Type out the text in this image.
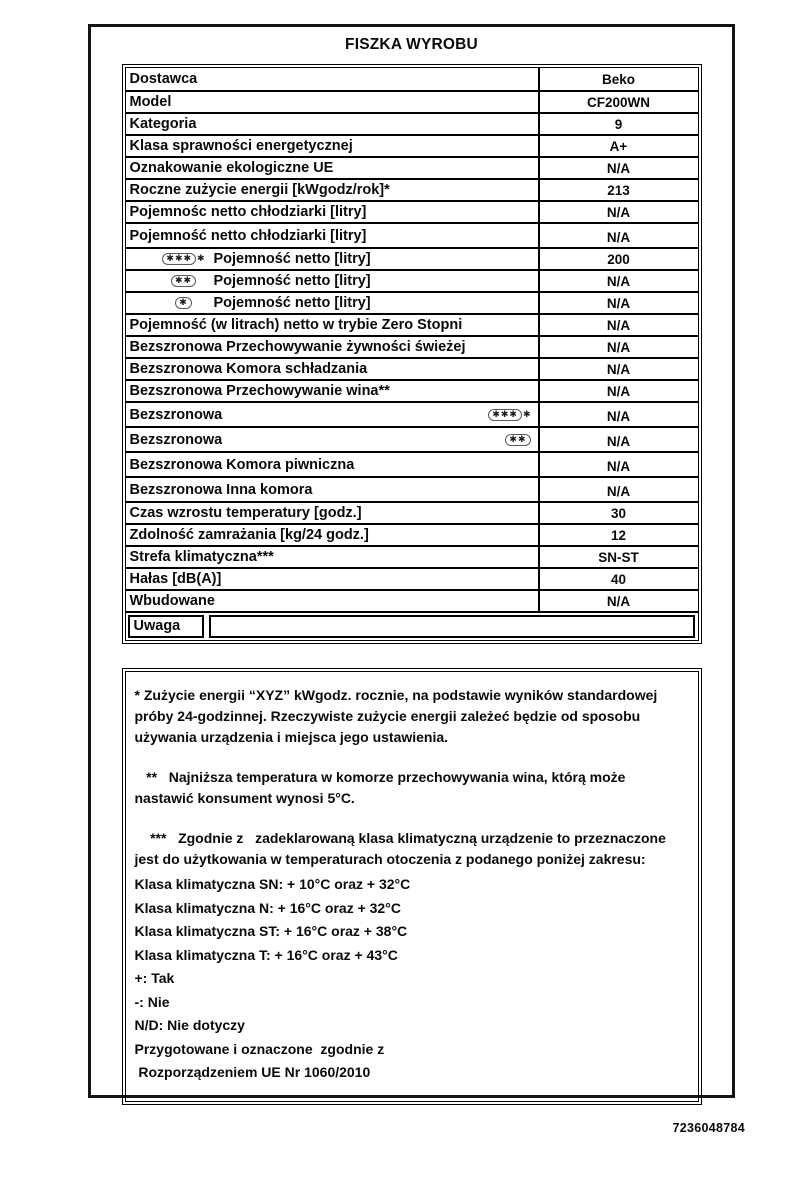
FISZKA WYROBU
Dostawca	Beko
Model	CF200WN
Kategoria	9
Klasa sprawności energetycznej	A+
Oznakowanie ekologiczne UE	N/A
Roczne zużycie energii [kWgodz/rok]*	213
Pojemnośc netto chłodziarki [litry]	N/A
Pojemność netto chłodziarki [litry]	N/A
✱✱✱ ✱ Pojemność netto [litry]	200
✱✱ Pojemność netto [litry]	N/A
✱ Pojemność netto [litry]	N/A
Pojemność (w litrach) netto w trybie Zero Stopni	N/A
Bezszronowa Przechowywanie żywności świeżej	N/A
Bezszronowa Komora schładzania	N/A
Bezszronowa Przechowywanie wina**	N/A
Bezszronowa	✱✱✱ ✱	N/A
Bezszronowa	✱✱	N/A
Bezszronowa Komora piwniczna	N/A
Bezszronowa Inna komora	N/A
Czas wzrostu temperatury [godz.]	30
Zdolność zamrażania [kg/24 godz.]	12
Strefa klimatyczna***	SN-ST
Hałas [dB(A)]	40
Wbudowane	N/A
Uwaga
* Zużycie energii “XYZ” kWgodz. rocznie, na podstawie wyników standardowej próby 24-godzinnej. Rzeczywiste zużycie energii zależeć będzie od sposobu używania urządzenia i miejsca jego ustawienia.
**   Najniższa temperatura w komorze przechowywania wina, którą może nastawić konsument wynosi 5°C.
***   Zgodnie z   zadeklarowaną klasa klimatyczną urządzenie to przeznaczone jest do użytkowania w temperaturach otoczenia z podanego poniżej zakresu:
Klasa klimatyczna SN: + 10°C oraz + 32°C
Klasa klimatyczna N: + 16°C oraz + 32°C
Klasa klimatyczna ST: + 16°C oraz + 38°C
Klasa klimatyczna T: + 16°C oraz + 43°C
+: Tak
-: Nie
N/D: Nie dotyczy
Przygotowane i oznaczone  zgodnie z
Rozporządzeniem UE Nr 1060/2010
7236048784
